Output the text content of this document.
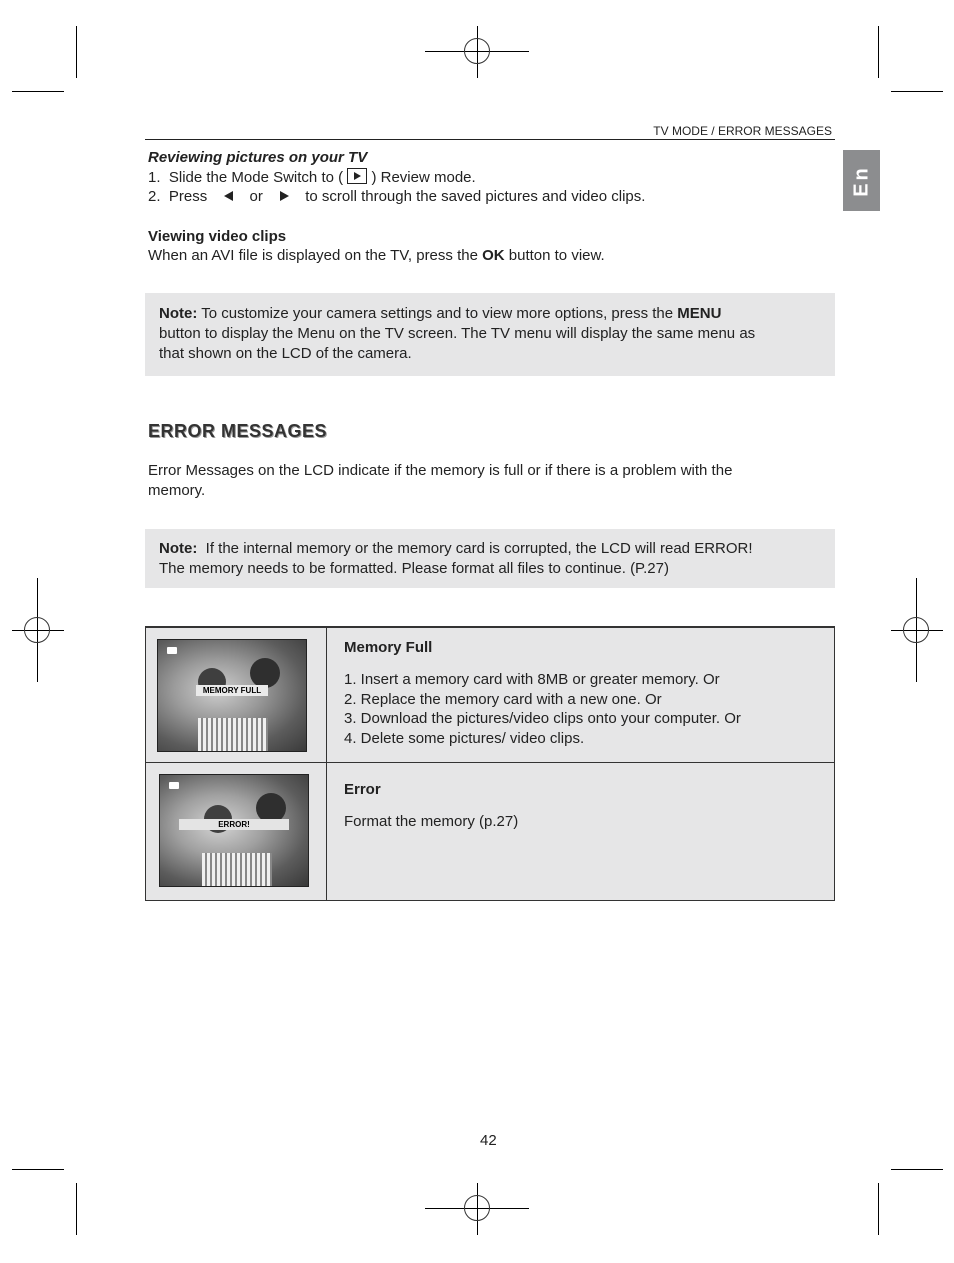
TV MODE / ERROR MESSAGES
En
Reviewing pictures on your TV
1. Slide the Mode Switch to ( ) Review mode.
2. Press	or	to scroll through the saved pictures and video clips.
Viewing video clips
When an AVI file is displayed on the TV, press the OK button to view.
Note: To customize your camera settings and to view more options, press the MENU
button to display the Menu on the TV screen. The TV menu will display the same menu as
that shown on the LCD of the camera.
ERROR MESSAGES
Error Messages on the LCD indicate if the memory is full or if there is a problem with the
memory.
Note: If the internal memory or the memory card is corrupted, the LCD will read ERROR!
The memory needs to be formatted. Please format all files to continue. (P.27)
MEMORY FULL
Memory Full
1. Insert a memory card with 8MB or greater memory. Or
2. Replace the memory card with a new one. Or
3. Download the pictures/video clips onto your computer. Or
4. Delete some pictures/ video clips.
ERROR!
Error
Format the memory (p.27)
42
